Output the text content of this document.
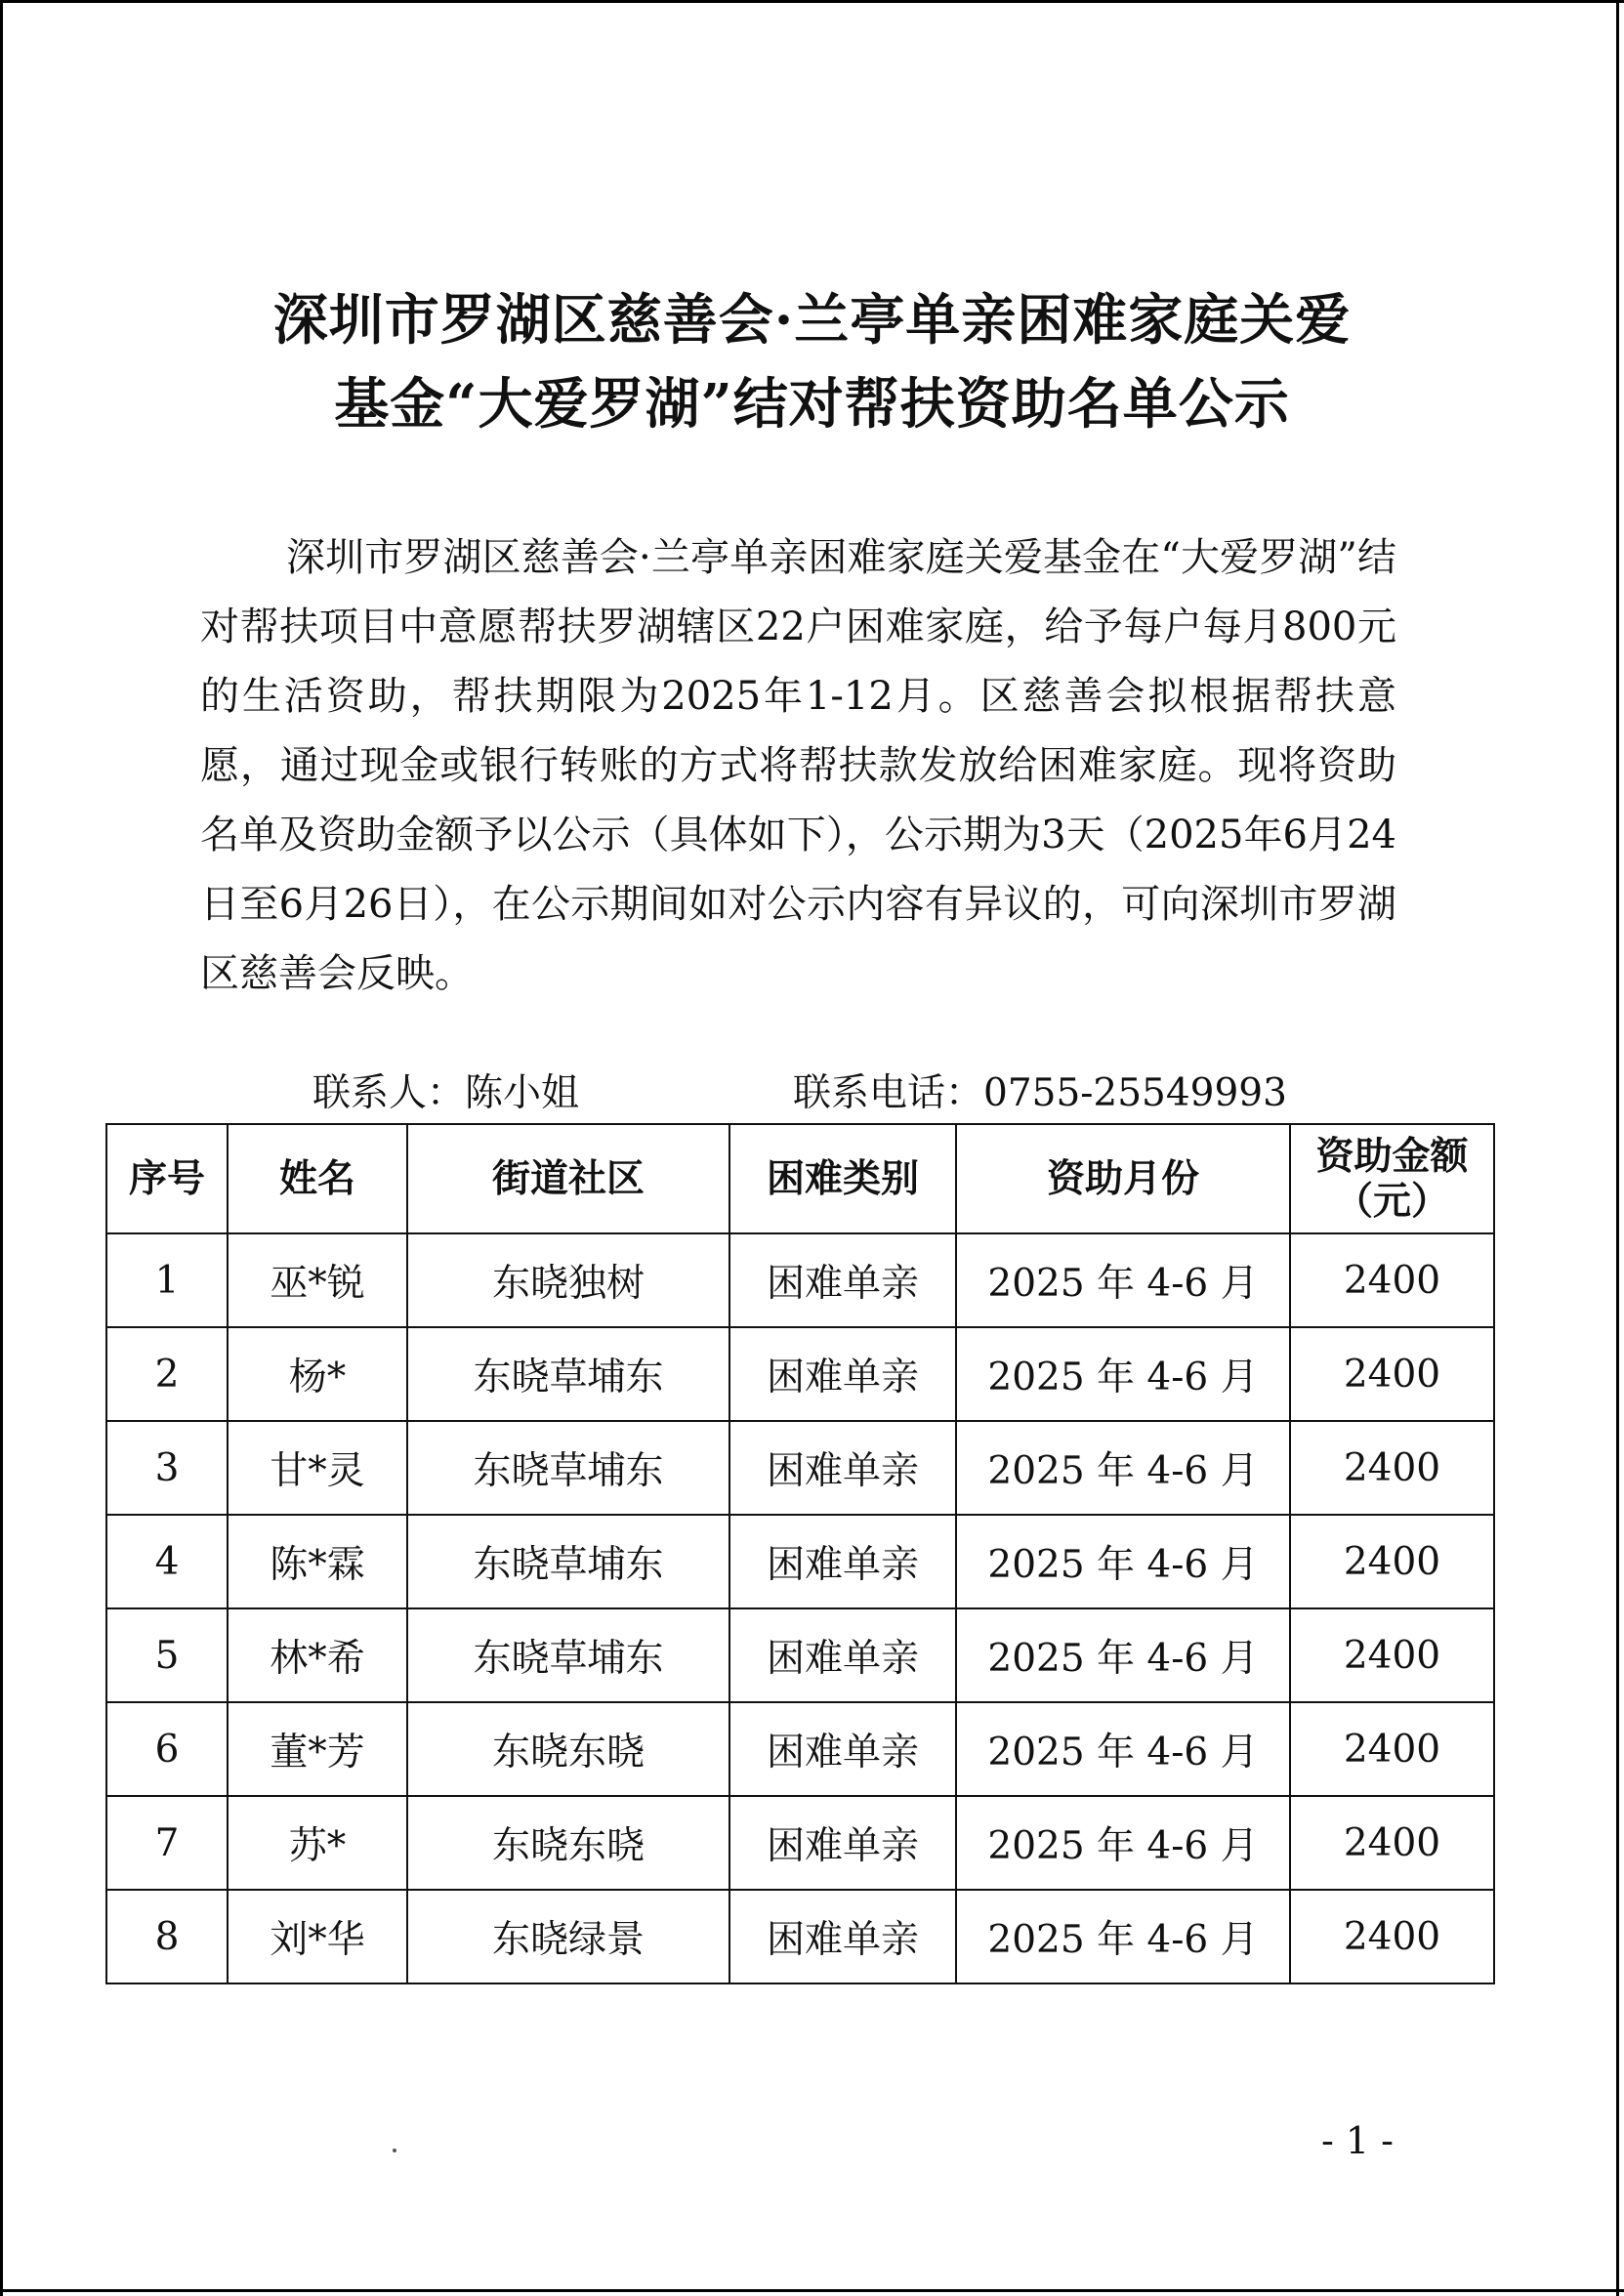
深圳市罗湖区慈善会·兰亭单亲困难家庭关爱
基金“大爱罗湖”结对帮扶资助名单公示

深圳市罗湖区慈善会·兰亭单亲困难家庭关爱基金在“大爱罗湖”结对帮扶项目中意愿帮扶罗湖辖区22户困难家庭，给予每户每月800元的生活资助，帮扶期限为2025年1-12月。区慈善会拟根据帮扶意愿，通过现金或银行转账的方式将帮扶款发放给困难家庭。现将资助名单及资助金额予以公示（具体如下），公示期为3天（2025年6月24日至6月26日），在公示期间如对公示内容有异议的，可向深圳市罗湖区慈善会反映。

联系人：陈小姐	联系电话：0755-25549993
序号	姓名	街道社区	困难类别	资助月份	资助金额
（元）

1	巫*锐	东晓独树	困难单亲	2025 年 4-6 月	2400
2	杨*	东晓草埔东	困难单亲	2025 年 4-6 月	2400
3	甘*灵	东晓草埔东	困难单亲	2025 年 4-6 月	2400
4	陈*霖	东晓草埔东	困难单亲	2025 年 4-6 月	2400
5	林*希	东晓草埔东	困难单亲	2025 年 4-6 月	2400
6	董*芳	东晓东晓	困难单亲	2025 年 4-6 月	2400
7	苏*	东晓东晓	困难单亲	2025 年 4-6 月	2400
8	刘*华	东晓绿景	困难单亲	2025 年 4-6 月	2400
- 1 -
